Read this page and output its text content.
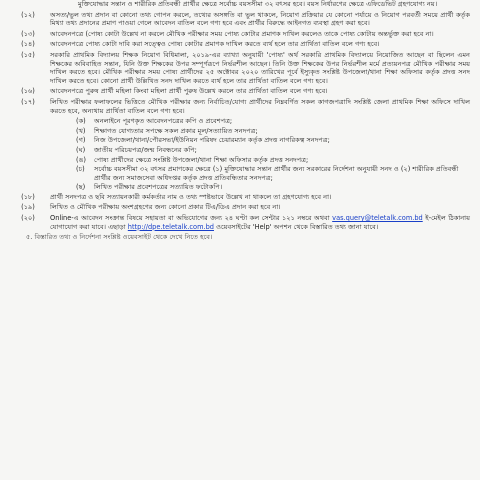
মুক্তিযোদ্ধার সন্তান ও শারীরিক প্রতিবন্ধী প্রার্থীর ক্ষেত্রে সর্বোচ্চ বয়সসীমা ৩২ বৎসর হবে। বয়স নির্ধারণের ক্ষেত্রে এফিডেভিট গ্রহণযোগ্য নয়।
(১২)	অসত্য/ভুল তথ্য প্রদান বা কোনো তথ্য গোপন করলে, তথ্যের অসঙ্গতি বা ভুল থাকলে, নিয়োগ প্রক্রিয়ার যে কোনো পর্যায়ে ও নিয়োগ পরবর্তী সময়ে প্রার্থী কর্তৃক মিথ্যা তথ্য প্রদানের প্রমাণ পাওয়া গেলে আবেদন বাতিল বলে গণ্য হবে এবং প্রার্থীর বিরুদ্ধে আইনগত ব্যবস্থা গ্রহণ করা হবে।
(১৩)	আবেদনপত্রে (পোষ্য কোটা উল্লেখ না করলে মৌখিক পরীক্ষার সময় পোষ্য কোটার প্রমাণক দাখিল করলেও তাকে পোষ্য কোটায় অন্তর্ভুক্ত করা হবে না।
(১৪)	আবেদনপত্রে পোষ্য কোটা দাবি করা সত্ত্বেও পোষ্য কোটার প্রমাণক দাখিল করতে ব্যর্থ হলে তার প্রার্থিতা বাতিল বলে গণ্য হবে।
(১৫)	সরকারি প্রাথমিক বিদ্যালয় শিক্ষক নিয়োগ বিধিমালা, ২০১৯-এর ব্যাখ্যা অনুযায়ী 'পোষ্য' অর্থ সরকারি প্রাথমিক বিদ্যালয়ে নিয়োজিত আছেন বা ছিলেন এমন শিক্ষকের অবিবাহিত সন্তান, যিনি উক্ত শিক্ষকের উপর সম্পূর্ণরূপে নির্ভরশীল আছেন। তিনি উক্ত শিক্ষকের উপর নির্ভরশীল মর্মে প্রত্যয়নপত্র মৌখিক পরীক্ষার সময় দাখিল করতে হবে। মৌখিক পরীক্ষার সময় পোষ্য প্রার্থীদের ২৫ অক্টোবর ২০২০ তারিখের পূর্বে ইস্যুকৃত সংশ্লিষ্ট উপজেলা/থানা শিক্ষা অফিসার কর্তৃক প্রদত্ত সনদ দাখিল করতে হবে। কোনো প্রার্থী উল্লিখিত সনদ দাখিল করতে ব্যর্থ হলে তার প্রার্থিতা বাতিল বলে গণ্য হবে।
(১৬)	আবেদনপত্রে পুরুষ প্রার্থী মহিলা কিংবা মহিলা প্রার্থী পুরুষ উল্লেখ করলে তার প্রার্থিতা বাতিল বলে গণ্য হবে।
(১৭)	লিখিত পরীক্ষার ফলাফলের ভিত্তিতে মৌখিক পরীক্ষার জন্য নির্বাচিত/যোগ্য প্রার্থীদের নিম্নবর্ণিত সকল কাগজপত্রাদি সংশ্লিষ্ট জেলা প্রাথমিক শিক্ষা অফিসে দাখিল করতে হবে, অন্যথায় প্রার্থিতা বাতিল বলে গণ্য হবে।
(ক)	অনলাইনে পূরণকৃত আবেদনপত্রের কপি ও প্রবেশপত্র;
(খ)	শিক্ষাগত যোগ্যতার সপক্ষে সকল প্রকার মূল/সত্যায়িত সনদপত্র;
(গ)	নিজ উপজেলা/থানা/পৌরসভা/ইউনিয়ন পরিষদ চেয়ারম্যান কর্তৃক প্রদত্ত নাগরিকত্ব সনদপত্র;
(ঘ)	জাতীয় পরিচয়পত্র/জন্ম নিবন্ধনের কপি;
(ঙ)	পোষ্য প্রার্থীদের ক্ষেত্রে সংশ্লিষ্ট উপজেলা/থানা শিক্ষা অফিসার কর্তৃক প্রদত্ত সনদপত্র;
(চ)	সর্বোচ্চ বয়সসীমা ৩২ বৎসর প্রমাণকের ক্ষেত্রে (১) মুক্তিযোদ্ধার সন্তান প্রার্থীর জন্য সরকারের নির্দেশনা অনুযায়ী সনদ ও (২) শারীরিক প্রতিবন্ধী প্রার্থীর জন্য সমাজসেবা অধিদপ্তর কর্তৃক প্রদত্ত প্রতিবন্ধিতার সনদপত্র;
(ছ)	লিখিত পরীক্ষার প্রবেশপত্রের সত্যায়িত ফটোকপি।
(১৮)	প্রার্থী সনদপত্র ও ছবি সত্যায়নকারী কর্মকর্তার নাম ও তথ্য স্পষ্টভাবে উল্লেখ না থাকলে তা গ্রহণযোগ্য হবে না।
(১৯)	লিখিত ও মৌখিক পরীক্ষায় অংশগ্রহণের জন্য কোনো প্রকার টিএ/ডিএ প্রদান করা হবে না।
(২০)	Online-এ আবেদন সংক্রান্ত বিষয়ে সহায়তা বা অভিযোগের জন্য ২৪ ঘণ্টা কল সেন্টার ১২১ নম্বরে অথবা vas.query@teletalk.com.bd ই-মেইল ঠিকানায় যোগাযোগ করা যাবে। এছাড়া http://dpe.teletalk.com.bd ওয়েবসাইটের 'Help' অপশন থেকে বিস্তারিত তথ্য জানা যাবে।
৫. বিস্তারিত তথ্য ও নির্দেশনা সংশ্লিষ্ট ওয়েবসাইট থেকে দেখে নিতে হবে।
